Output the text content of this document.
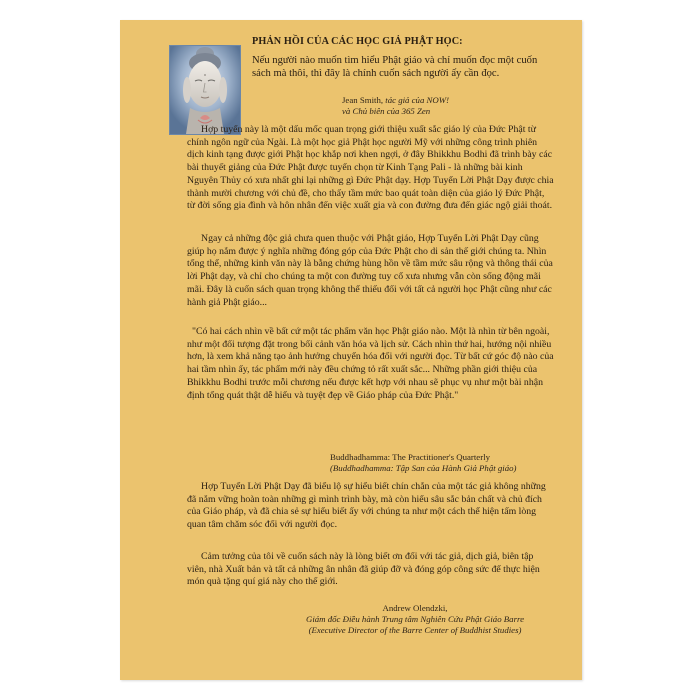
PHẢN HỒI CỦA CÁC HỌC GIẢ PHẬT HỌC:
Nếu người nào muốn tìm hiểu Phật giáo và chỉ muốn đọc một cuốn sách mà thôi, thì đây là chính cuốn sách người ấy cần đọc.
Jean Smith, tác giả của NOW!
và Chủ biên của 365 Zen
Hợp tuyển này là một dấu mốc quan trọng giới thiệu xuất sắc giáo lý của Đức Phật từ chính ngôn ngữ của Ngài. Là một học giả Phật học người Mỹ với những công trình phiên dịch kinh tạng được giới Phật học khắp nơi khen ngợi, ở đây Bhikkhu Bodhi đã trình bày các bài thuyết giảng của Đức Phật được tuyển chọn từ Kinh Tạng Pali - là những bài kinh Nguyên Thủy có xưa nhất ghi lại những gì Đức Phật dạy. Hợp Tuyển Lời Phật Dạy được chia thành mười chương với chủ đề, cho thấy tầm mức bao quát toàn diện của giáo lý Đức Phật, từ đời sống gia đình và hôn nhân đến việc xuất gia và con đường đưa đến giác ngộ giải thoát.
Ngay cả những độc giả chưa quen thuộc với Phật giáo, Hợp Tuyển Lời Phật Dạy cũng giúp họ nắm được ý nghĩa những đóng góp của Đức Phật cho di sản thế giới chúng ta. Nhìn tổng thể, những kinh văn này là bằng chứng hùng hồn về tầm mức sâu rộng và thông thái của lời Phật dạy, và chỉ cho chúng ta một con đường tuy cổ xưa nhưng vẫn còn sống động mãi mãi. Đây là cuốn sách quan trọng không thể thiếu đối với tất cả người học Phật cũng như các hành giả Phật giáo...
"Có hai cách nhìn về bất cứ một tác phẩm văn học Phật giáo nào. Một là nhìn từ bên ngoài, như một đối tượng đặt trong bối cảnh văn hóa và lịch sử. Cách nhìn thứ hai, hướng nội nhiều hơn, là xem khả năng tạo ảnh hưởng chuyển hóa đối với người đọc. Từ bất cứ góc độ nào của hai tầm nhìn ấy, tác phẩm mới này đều chứng tỏ rất xuất sắc... Những phần giới thiệu của Bhikkhu Bodhi trước mỗi chương nếu được kết hợp với nhau sẽ phục vụ như một bài nhận định tổng quát thật dễ hiểu và tuyệt đẹp về Giáo pháp của Đức Phật."
Buddhadhamma: The Practitioner's Quarterly
(Buddhadhamma: Tập San của Hành Giả Phật giáo)
Hợp Tuyển Lời Phật Dạy đã biểu lộ sự hiểu biết chín chắn của một tác giả không những đã nắm vững hoàn toàn những gì mình trình bày, mà còn hiểu sâu sắc bản chất và chủ đích của Giáo pháp, và đã chia sẻ sự hiểu biết ấy với chúng ta như một cách thể hiện tấm lòng quan tâm chăm sóc đối với người đọc.
Cảm tưởng của tôi về cuốn sách này là lòng biết ơn đối với tác giả, dịch giả, biên tập viên, nhà Xuất bản và tất cả những ân nhân đã giúp đỡ và đóng góp công sức để thực hiện món quà tặng quí giá này cho thế giới.
Andrew Olendzki,
Giám đốc Điều hành Trung tâm Nghiên Cứu Phật Giáo Barre
(Executive Director of the Barre Center of Buddhist Studies)
